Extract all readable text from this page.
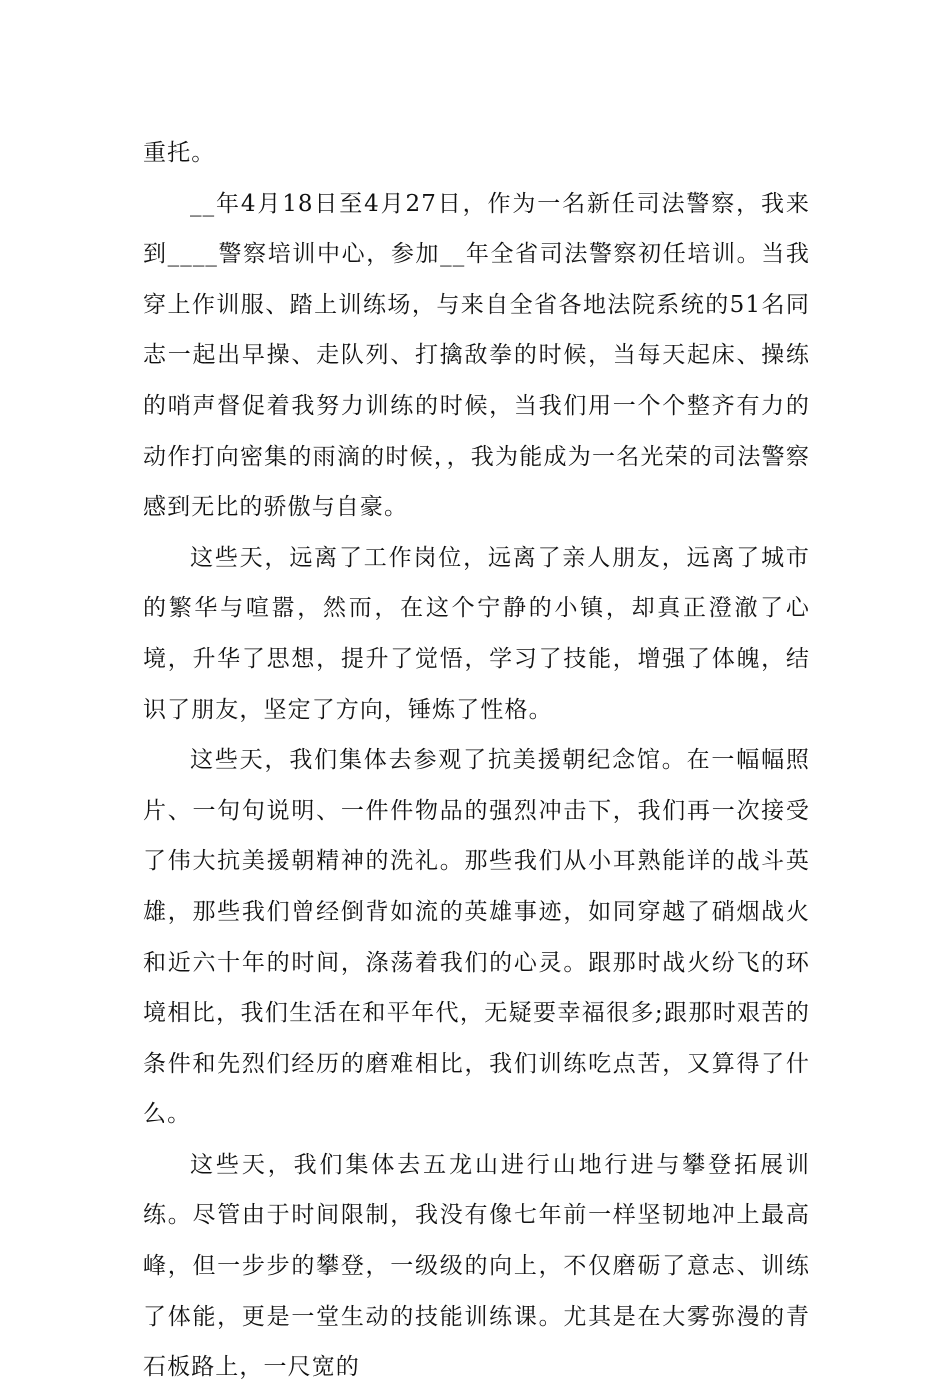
重托。

__年4月18日至4月27日，作为一名新任司法警察，我来到____警察培训中心，参加__年全省司法警察初任培训。当我穿上作训服、踏上训练场，与来自全省各地法院系统的51名同志一起出早操、走队列、打擒敌拳的时候，当每天起床、操练的哨声督促着我努力训练的时候，当我们用一个个整齐有力的动作打向密集的雨滴的时候，，我为能成为一名光荣的司法警察感到无比的骄傲与自豪。

这些天，远离了工作岗位，远离了亲人朋友，远离了城市的繁华与喧嚣，然而，在这个宁静的小镇，却真正澄澈了心境，升华了思想，提升了觉悟，学习了技能，增强了体魄，结识了朋友，坚定了方向，锤炼了性格。

这些天，我们集体去参观了抗美援朝纪念馆。在一幅幅照片、一句句说明、一件件物品的强烈冲击下，我们再一次接受了伟大抗美援朝精神的洗礼。那些我们从小耳熟能详的战斗英雄，那些我们曾经倒背如流的英雄事迹，如同穿越了硝烟战火和近六十年的时间，涤荡着我们的心灵。跟那时战火纷飞的环境相比，我们生活在和平年代，无疑要幸福很多;跟那时艰苦的条件和先烈们经历的磨难相比，我们训练吃点苦，又算得了什么。

这些天，我们集体去五龙山进行山地行进与攀登拓展训练。尽管由于时间限制，我没有像七年前一样坚韧地冲上最高峰，但一步步的攀登，一级级的向上，不仅磨砺了意志、训练了体能，更是一堂生动的技能训练课。尤其是在大雾弥漫的青石板路上，一尺宽的
